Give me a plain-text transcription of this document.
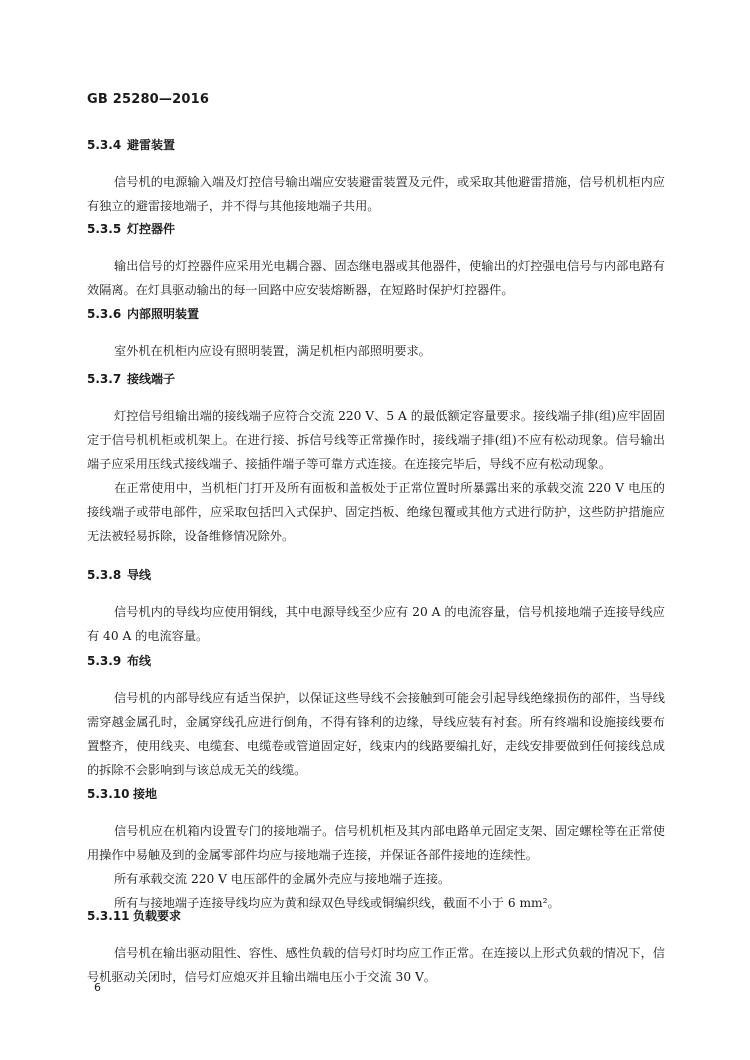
GB 25280—2016
5.3.4 避雷装置

信号机的电源输入端及灯控信号输出端应安装避雷装置及元件，或采取其他避雷措施，信号机机柜内应有独立的避雷接地端子，并不得与其他接地端子共用。

5.3.5 灯控器件

输出信号的灯控器件应采用光电耦合器、固态继电器或其他器件，使输出的灯控强电信号与内部电路有效隔离。在灯具驱动输出的每一回路中应安装熔断器，在短路时保护灯控器件。

5.3.6 内部照明装置

室外机在机柜内应设有照明装置，满足机柜内部照明要求。

5.3.7 接线端子

灯控信号组输出端的接线端子应符合交流 220 V、5 A 的最低额定容量要求。接线端子排(组)应牢固固定于信号机机柜或机架上。在进行接、拆信号线等正常操作时，接线端子排(组)不应有松动现象。信号输出端子应采用压线式接线端子、接插件端子等可靠方式连接。在连接完毕后，导线不应有松动现象。

在正常使用中，当机柜门打开及所有面板和盖板处于正常位置时所暴露出来的承载交流 220 V 电压的接线端子或带电部件，应采取包括凹入式保护、固定挡板、绝缘包覆或其他方式进行防护，这些防护措施应无法被轻易拆除，设备维修情况除外。

5.3.8 导线

信号机内的导线均应使用铜线，其中电源导线至少应有 20 A 的电流容量，信号机接地端子连接导线应有 40 A 的电流容量。

5.3.9 布线

信号机的内部导线应有适当保护，以保证这些导线不会接触到可能会引起导线绝缘损伤的部件，当导线需穿越金属孔时，金属穿线孔应进行倒角，不得有锋利的边缘，导线应装有衬套。所有终端和设施接线要布置整齐，使用线夹、电缆套、电缆卷或管道固定好，线束内的线路要编扎好，走线安排要做到任何接线总成的拆除不会影响到与该总成无关的线缆。

5.3.10 接地

信号机应在机箱内设置专门的接地端子。信号机机柜及其内部电路单元固定支架、固定螺栓等在正常使用操作中易触及到的金属零部件均应与接地端子连接，并保证各部件接地的连续性。

所有承载交流 220 V 电压部件的金属外壳应与接地端子连接。

所有与接地端子连接导线均应为黄和绿双色导线或铜编织线，截面不小于 6 mm²。

5.3.11 负载要求

信号机在输出驱动阻性、容性、感性负载的信号灯时均应工作正常。在连接以上形式负载的情况下，信号机驱动关闭时，信号灯应熄灭并且输出端电压小于交流 30 V。

6
